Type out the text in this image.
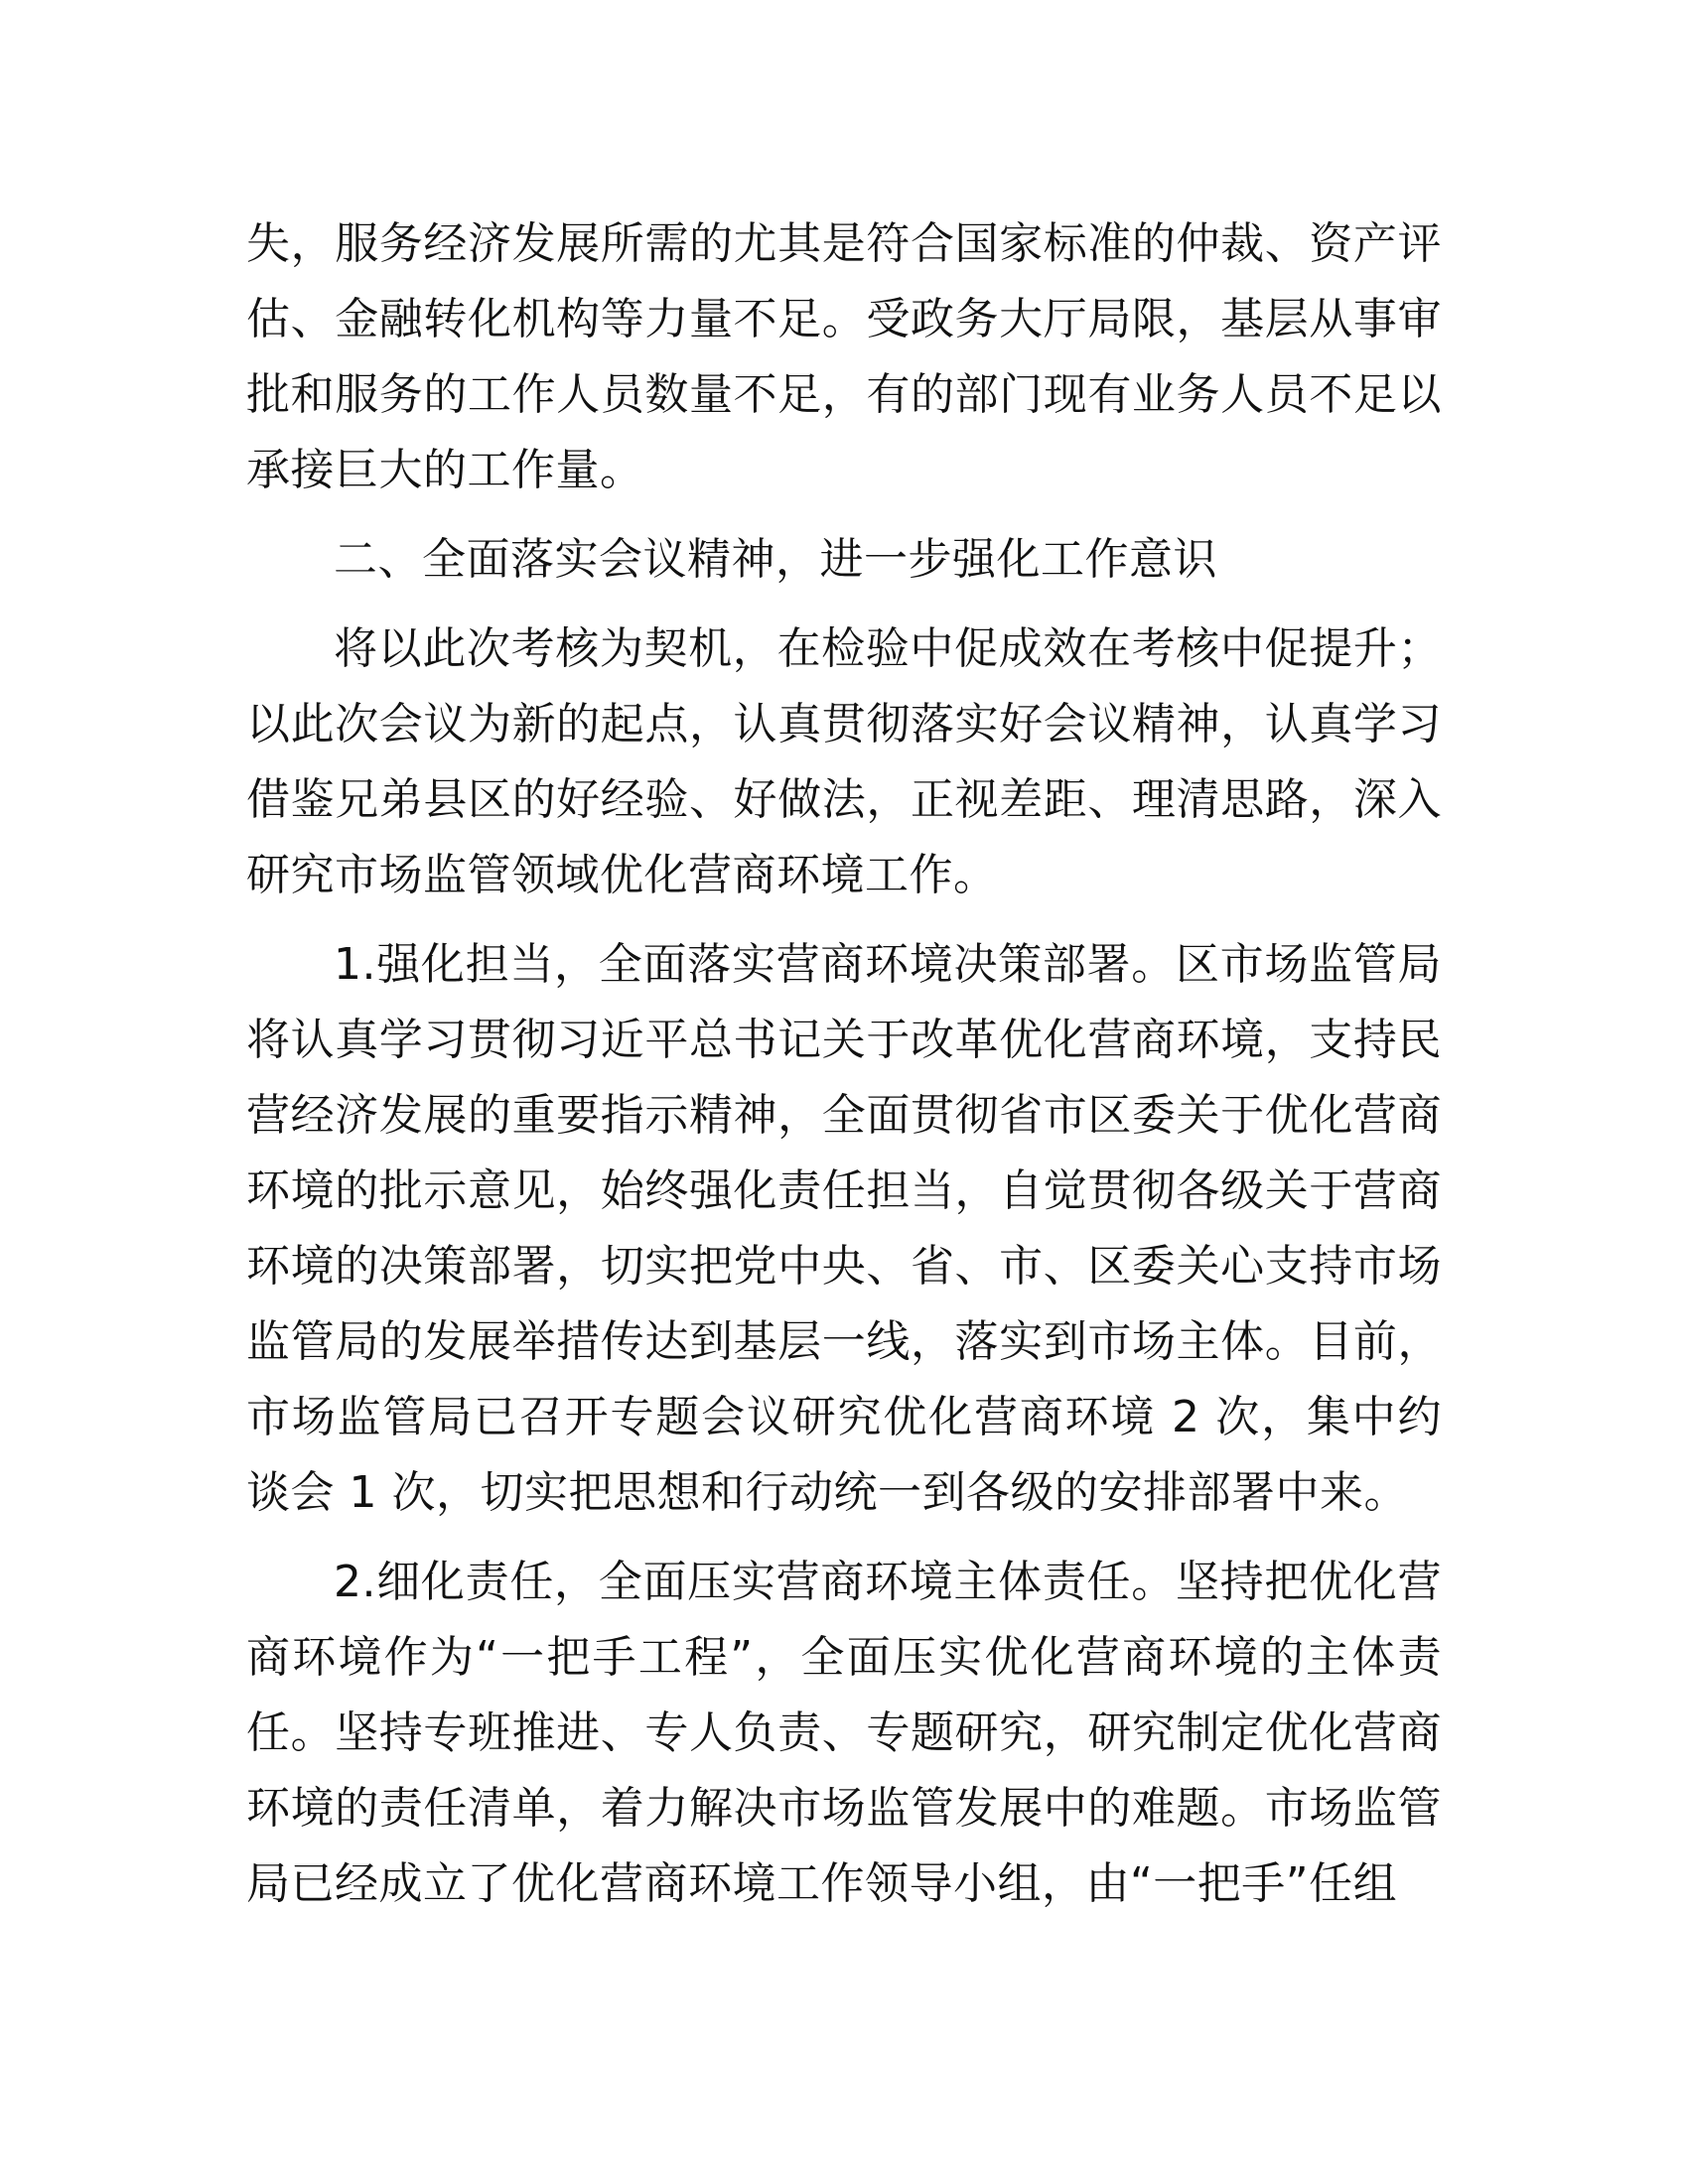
失，服务经济发展所需的尤其是符合国家标准的仲裁、资产评估、金融转化机构等力量不足。受政务大厅局限，基层从事审批和服务的工作人员数量不足，有的部门现有业务人员不足以承接巨大的工作量。

二、全面落实会议精神，进一步强化工作意识

将以此次考核为契机，在检验中促成效在考核中促提升；以此次会议为新的起点，认真贯彻落实好会议精神，认真学习借鉴兄弟县区的好经验、好做法，正视差距、理清思路，深入研究市场监管领域优化营商环境工作。

1.强化担当，全面落实营商环境决策部署。区市场监管局将认真学习贯彻习近平总书记关于改革优化营商环境，支持民营经济发展的重要指示精神，全面贯彻省市区委关于优化营商环境的批示意见，始终强化责任担当，自觉贯彻各级关于营商环境的决策部署，切实把党中央、省、市、区委关心支持市场监管局的发展举措传达到基层一线，落实到市场主体。目前，市场监管局已召开专题会议研究优化营商环境 2 次，集中约谈会 1 次，切实把思想和行动统一到各级的安排部署中来。

2.细化责任，全面压实营商环境主体责任。坚持把优化营商环境作为“一把手工程”，全面压实优化营商环境的主体责任。坚持专班推进、专人负责、专题研究，研究制定优化营商环境的责任清单，着力解决市场监管发展中的难题。市场监管局已经成立了优化营商环境工作领导小组，由“一把手”任组
